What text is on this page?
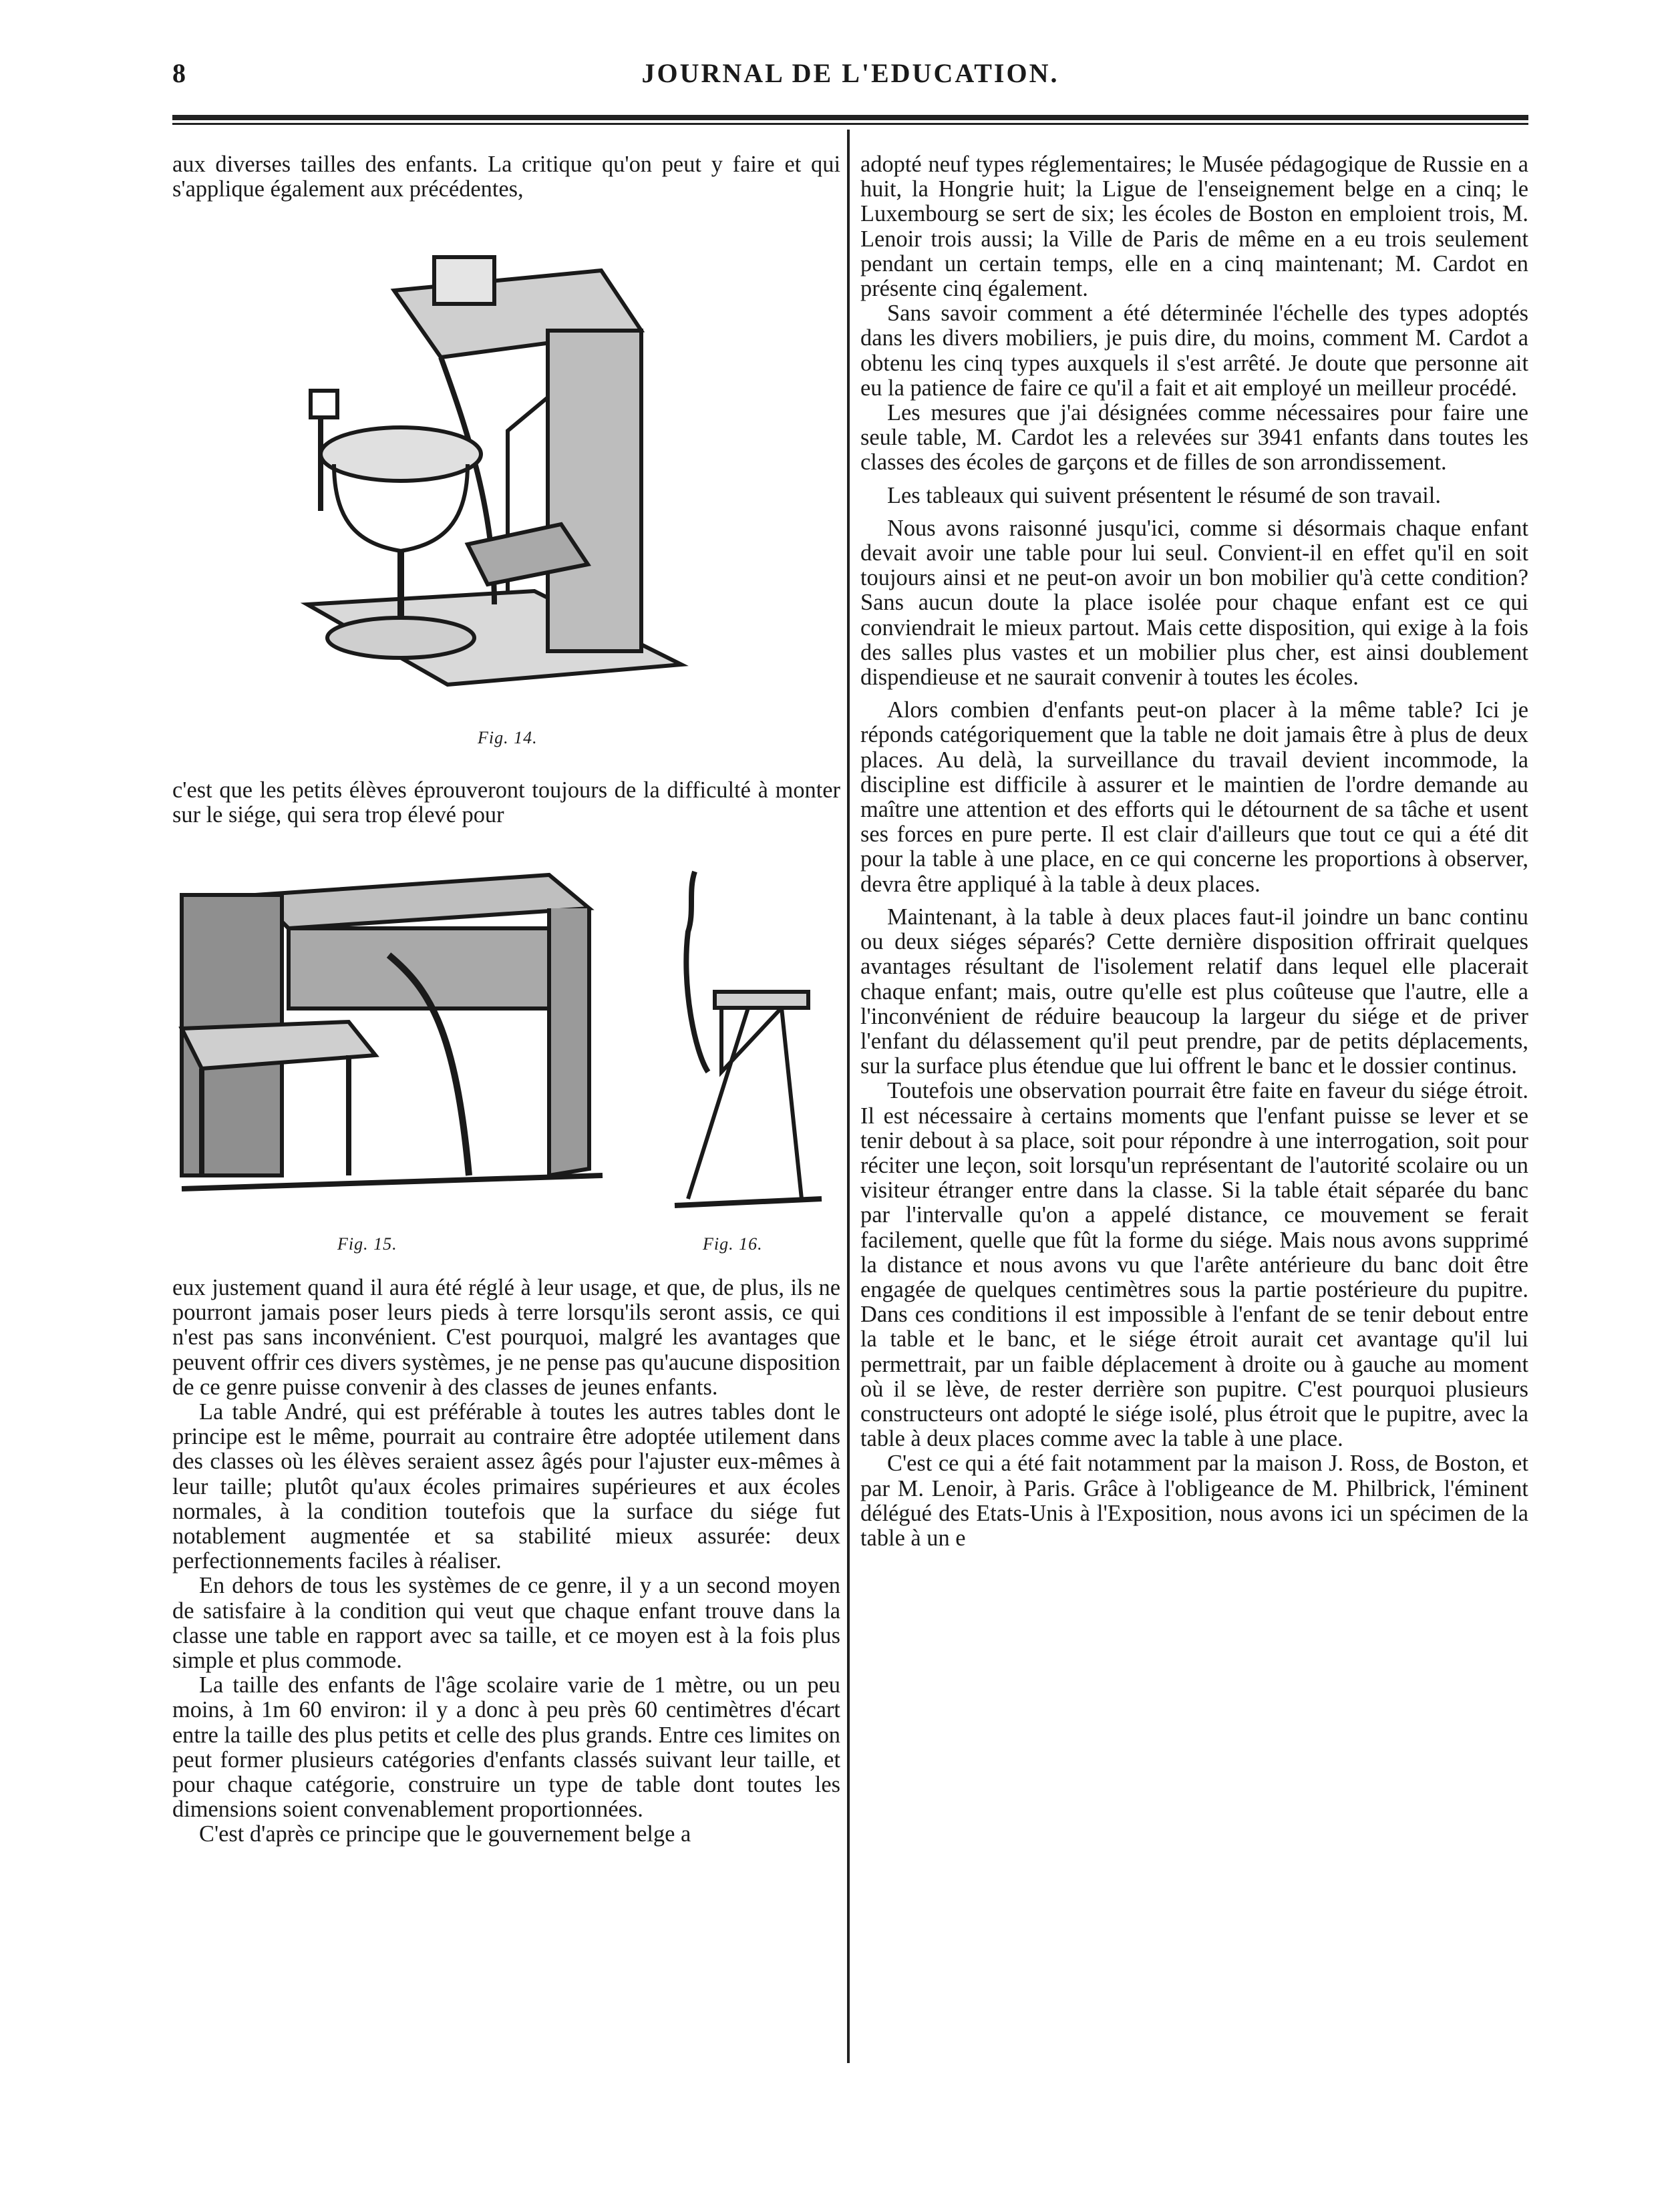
8	JOURNAL DE L'EDUCATION.

aux diverses tailles des enfants. La critique qu'on peut y faire et qui s'applique également aux précédentes,

Fig. 14.

c'est que les petits élèves éprouveront toujours de la difficulté à monter sur le siége, qui sera trop élevé pour

Fig. 15.	Fig. 16.

eux justement quand il aura été réglé à leur usage, et que, de plus, ils ne pourront jamais poser leurs pieds à terre lorsqu'ils seront assis, ce qui n'est pas sans inconvénient. C'est pourquoi, malgré les avantages que peuvent offrir ces divers systèmes, je ne pense pas qu'aucune disposition de ce genre puisse convenir à des classes de jeunes enfants.

La table André, qui est préférable à toutes les autres tables dont le principe est le même, pourrait au contraire être adoptée utilement dans des classes où les élèves seraient assez âgés pour l'ajuster eux-mêmes à leur taille; plutôt qu'aux écoles primaires supérieures et aux écoles normales, à la condition toutefois que la surface du siége fut notablement augmentée et sa stabilité mieux assurée: deux perfectionnements faciles à réaliser.

En dehors de tous les systèmes de ce genre, il y a un second moyen de satisfaire à la condition qui veut que chaque enfant trouve dans la classe une table en rapport avec sa taille, et ce moyen est à la fois plus simple et plus commode.

La taille des enfants de l'âge scolaire varie de 1 mètre, ou un peu moins, à 1m 60 environ: il y a donc à peu près 60 centimètres d'écart entre la taille des plus petits et celle des plus grands. Entre ces limites on peut former plusieurs catégories d'enfants classés suivant leur taille, et pour chaque catégorie, construire un type de table dont toutes les dimensions soient convenablement proportionnées.

C'est d'après ce principe que le gouvernement belge a

adopté neuf types réglementaires; le Musée pédagogique de Russie en a huit, la Hongrie huit; la Ligue de l'enseignement belge en a cinq; le Luxembourg se sert de six; les écoles de Boston en emploient trois, M. Lenoir trois aussi; la Ville de Paris de même en a eu trois seulement pendant un certain temps, elle en a cinq maintenant; M. Cardot en présente cinq également.

Sans savoir comment a été déterminée l'échelle des types adoptés dans les divers mobiliers, je puis dire, du moins, comment M. Cardot a obtenu les cinq types auxquels il s'est arrêté. Je doute que personne ait eu la patience de faire ce qu'il a fait et ait employé un meilleur procédé.

Les mesures que j'ai désignées comme nécessaires pour faire une seule table, M. Cardot les a relevées sur 3941 enfants dans toutes les classes des écoles de garçons et de filles de son arrondissement.

Les tableaux qui suivent présentent le résumé de son travail.

Nous avons raisonné jusqu'ici, comme si désormais chaque enfant devait avoir une table pour lui seul. Convient-il en effet qu'il en soit toujours ainsi et ne peut-on avoir un bon mobilier qu'à cette condition? Sans aucun doute la place isolée pour chaque enfant est ce qui conviendrait le mieux partout. Mais cette disposition, qui exige à la fois des salles plus vastes et un mobilier plus cher, est ainsi doublement dispendieuse et ne saurait convenir à toutes les écoles.

Alors combien d'enfants peut-on placer à la même table? Ici je réponds catégoriquement que la table ne doit jamais être à plus de deux places. Au delà, la surveillance du travail devient incommode, la discipline est difficile à assurer et le maintien de l'ordre demande au maître une attention et des efforts qui le détournent de sa tâche et usent ses forces en pure perte. Il est clair d'ailleurs que tout ce qui a été dit pour la table à une place, en ce qui concerne les proportions à observer, devra être appliqué à la table à deux places.

Maintenant, à la table à deux places faut-il joindre un banc continu ou deux siéges séparés? Cette dernière disposition offrirait quelques avantages résultant de l'isolement relatif dans lequel elle placerait chaque enfant; mais, outre qu'elle est plus coûteuse que l'autre, elle a l'inconvénient de réduire beaucoup la largeur du siége et de priver l'enfant du délassement qu'il peut prendre, par de petits déplacements, sur la surface plus étendue que lui offrent le banc et le dossier continus.

Toutefois une observation pourrait être faite en faveur du siége étroit. Il est nécessaire à certains moments que l'enfant puisse se lever et se tenir debout à sa place, soit pour répondre à une interrogation, soit pour réciter une leçon, soit lorsqu'un représentant de l'autorité scolaire ou un visiteur étranger entre dans la classe. Si la table était séparée du banc par l'intervalle qu'on a appelé distance, ce mouvement se ferait facilement, quelle que fût la forme du siége. Mais nous avons supprimé la distance et nous avons vu que l'arête antérieure du banc doit être engagée de quelques centimètres sous la partie postérieure du pupitre. Dans ces conditions il est impossible à l'enfant de se tenir debout entre la table et le banc, et le siége étroit aurait cet avantage qu'il lui permettrait, par un faible déplacement à droite ou à gauche au moment où il se lève, de rester derrière son pupitre. C'est pourquoi plusieurs constructeurs ont adopté le siége isolé, plus étroit que le pupitre, avec la table à deux places comme avec la table à une place.

C'est ce qui a été fait notamment par la maison J. Ross, de Boston, et par M. Lenoir, à Paris. Grâce à l'obligeance de M. Philbrick, l'éminent délégué des Etats-Unis à l'Exposition, nous avons ici un spécimen de la table à un e
